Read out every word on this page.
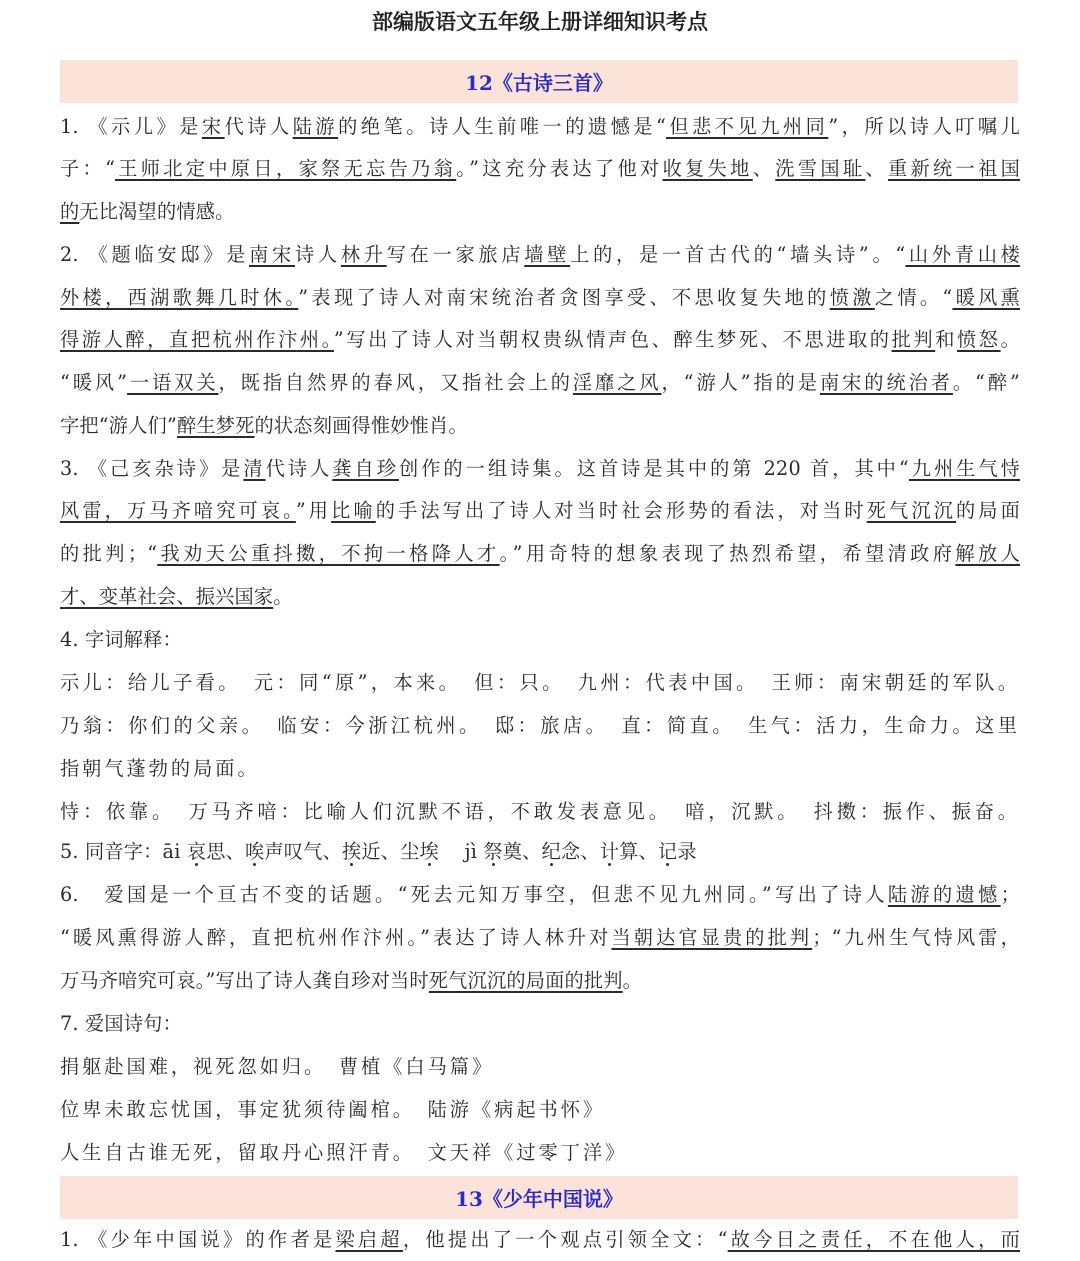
部编版语文五年级上册详细知识考点
12《古诗三首》
1. 《示儿》是宋代诗人陆游的绝笔。诗人生前唯一的遗憾是“但悲不见九州同”，所以诗人叮嘱儿
子：“王师北定中原日，家祭无忘告乃翁。”这充分表达了他对收复失地、洗雪国耻、重新统一祖国
的无比渴望的情感。
2. 《题临安邸》是南宋诗人林升写在一家旅店墙壁上的，是一首古代的“墙头诗”。“山外青山楼
外楼，西湖歌舞几时休。”表现了诗人对南宋统治者贪图享受、不思收复失地的愤激之情。“暖风熏
得游人醉，直把杭州作汴州。”写出了诗人对当朝权贵纵情声色、醉生梦死、不思进取的批判和愤怒。
“暖风”一语双关，既指自然界的春风，又指社会上的淫靡之风，“游人”指的是南宋的统治者。“醉”
字把“游人们”醉生梦死的状态刻画得惟妙惟肖。
3. 《己亥杂诗》是清代诗人龚自珍创作的一组诗集。这首诗是其中的第 220 首，其中“九州生气恃
风雷，万马齐喑究可哀。”用比喻的手法写出了诗人对当时社会形势的看法，对当时死气沉沉的局面
的批判；“我劝天公重抖擞，不拘一格降人才。”用奇特的想象表现了热烈希望，希望清政府解放人
才、变革社会、振兴国家。
4. 字词解释：
示儿：给儿子看。　元：同“原”，本来。　但：只。　九州：代表中国。　王师：南宋朝廷的军队。
乃翁：你们的父亲。　临安：今浙江杭州。　邸：旅店。　直：简直。　生气：活力，生命力。这里
指朝气蓬勃的局面。
恃：依靠。　万马齐喑：比喻人们沉默不语，不敢发表意见。　喑，沉默。　抖擞：振作、振奋。
5. 同音字：āi 哀思、唉声叹气、挨近、尘埃　 jì 祭奠、纪念、计算、记录
6.　爱国是一个亘古不变的话题。“死去元知万事空，但悲不见九州同。”写出了诗人陆游的遗憾；
“暖风熏得游人醉，直把杭州作汴州。”表达了诗人林升对当朝达官显贵的批判；“九州生气恃风雷，
万马齐喑究可哀。”写出了诗人龚自珍对当时死气沉沉的局面的批判。
7. 爱国诗句：
捐躯赴国难，视死忽如归。　曹植《白马篇》
位卑未敢忘忧国，事定犹须待阖棺。　陆游《病起书怀》
人生自古谁无死，留取丹心照汗青。　文天祥《过零丁洋》
13《少年中国说》
1. 《少年中国说》的作者是梁启超，他提出了一个观点引领全文：“故今日之责任，不在他人，而
